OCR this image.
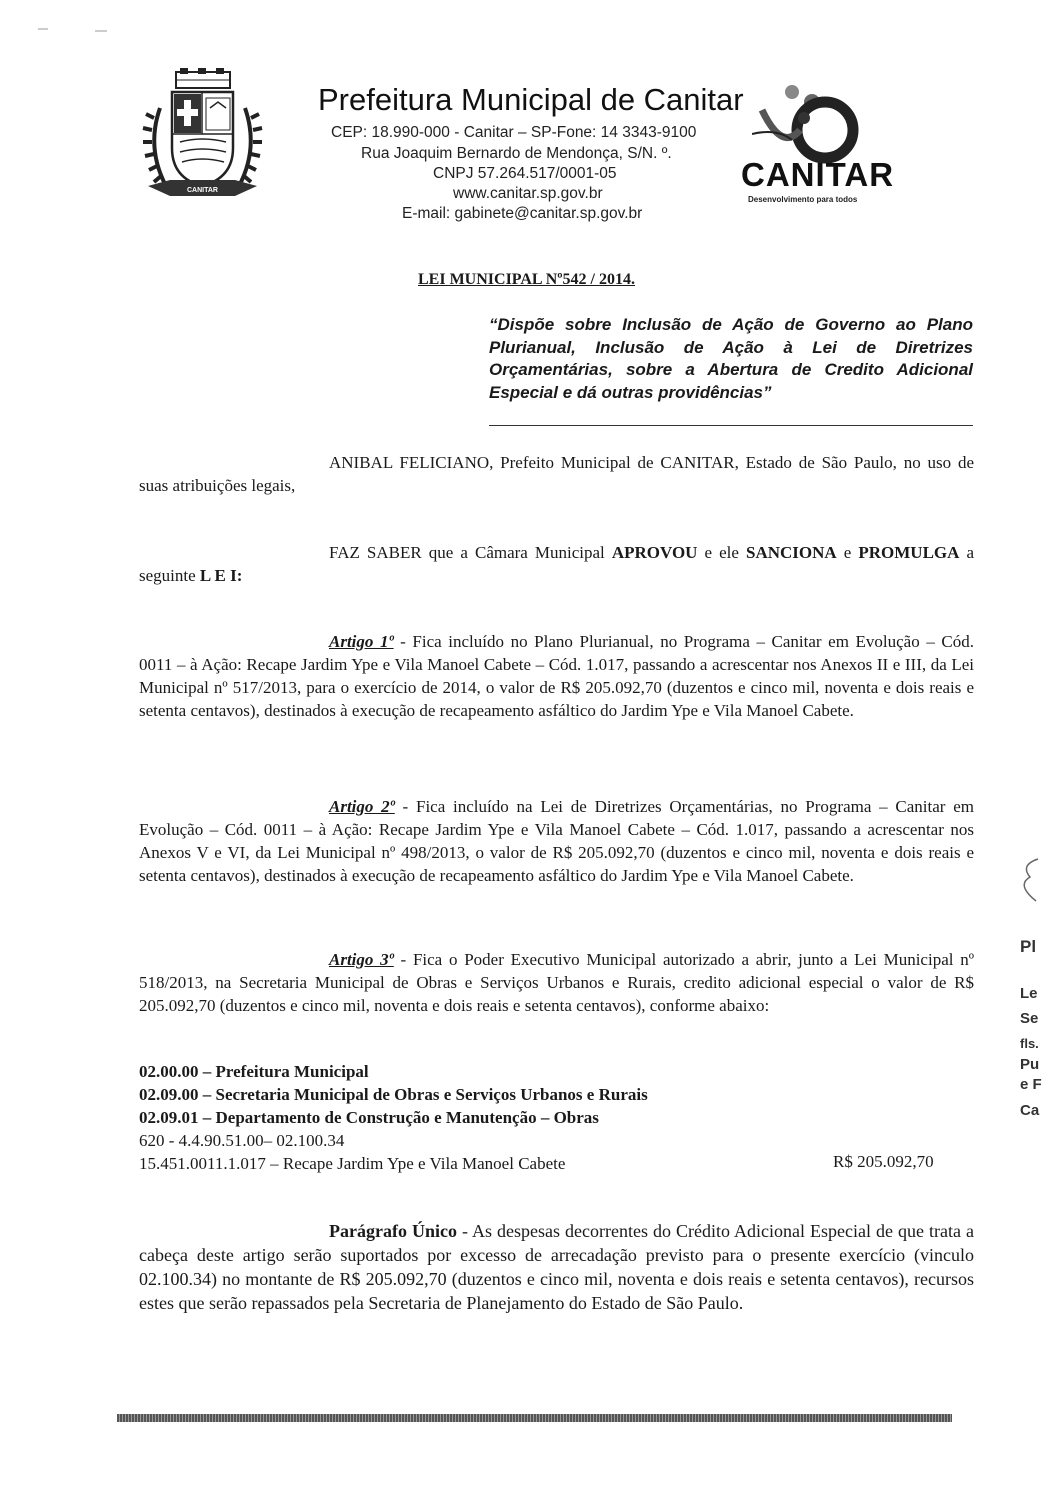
CANITAR
Prefeitura Municipal de Canitar
CEP: 18.990-000 - Canitar – SP-Fone: 14 3343-9100
Rua Joaquim Bernardo de Mendonça, S/N. º.
CNPJ 57.264.517/0001-05
www.canitar.sp.gov.br
E-mail: gabinete@canitar.sp.gov.br
CANITAR
Desenvolvimento para todos
LEI MUNICIPAL Nº542 / 2014.
“Dispõe sobre Inclusão de Ação de Governo ao Plano Plurianual, Inclusão de Ação à Lei de Diretrizes Orçamentárias, sobre a Abertura de Credito Adicional Especial e dá outras providências”
ANIBAL FELICIANO, Prefeito Municipal de CANITAR, Estado de São Paulo, no uso de suas atribuições legais,
FAZ SABER que a Câmara Municipal APROVOU e ele SANCIONA e PROMULGA a seguinte L E I:
Artigo 1º - Fica incluído no Plano Plurianual, no Programa – Canitar em Evolução – Cód. 0011 – à Ação: Recape Jardim Ype e Vila Manoel Cabete – Cód. 1.017, passando a acrescentar nos Anexos II e III, da Lei Municipal nº 517/2013, para o exercício de 2014, o valor de R$ 205.092,70 (duzentos e cinco mil, noventa e dois reais e setenta centavos), destinados à execução de recapeamento asfáltico do Jardim Ype e Vila Manoel Cabete.
Artigo 2º - Fica incluído na Lei de Diretrizes Orçamentárias, no Programa – Canitar em Evolução – Cód. 0011 – à Ação: Recape Jardim Ype e Vila Manoel Cabete – Cód. 1.017, passando a acrescentar nos Anexos V e VI, da Lei Municipal nº 498/2013, o valor de R$ 205.092,70 (duzentos e cinco mil, noventa e dois reais e setenta centavos), destinados à execução de recapeamento asfáltico do Jardim Ype e Vila Manoel Cabete.
Artigo 3º - Fica o Poder Executivo Municipal autorizado a abrir, junto a Lei Municipal nº 518/2013, na Secretaria Municipal de Obras e Serviços Urbanos e Rurais, credito adicional especial o valor de R$ 205.092,70 (duzentos e cinco mil, noventa e dois reais e setenta centavos), conforme abaixo:
02.00.00 – Prefeitura Municipal
02.09.00 – Secretaria Municipal de Obras e Serviços Urbanos e Rurais
02.09.01 – Departamento de Construção e Manutenção – Obras
620 - 4.4.90.51.00– 02.100.34
15.451.0011.1.017 – Recape Jardim Ype e Vila Manoel Cabete	R$ 205.092,70
Parágrafo Único - As despesas decorrentes do Crédito Adicional Especial de que trata a cabeça deste artigo serão suportados por excesso de arrecadação previsto para o presente exercício (vinculo 02.100.34) no montante de R$ 205.092,70 (duzentos e cinco mil, noventa e dois reais e setenta centavos), recursos estes que serão repassados pela Secretaria de Planejamento do Estado de São Paulo.
Pl
Le
Se
fls.
Pu
e F
Ca
